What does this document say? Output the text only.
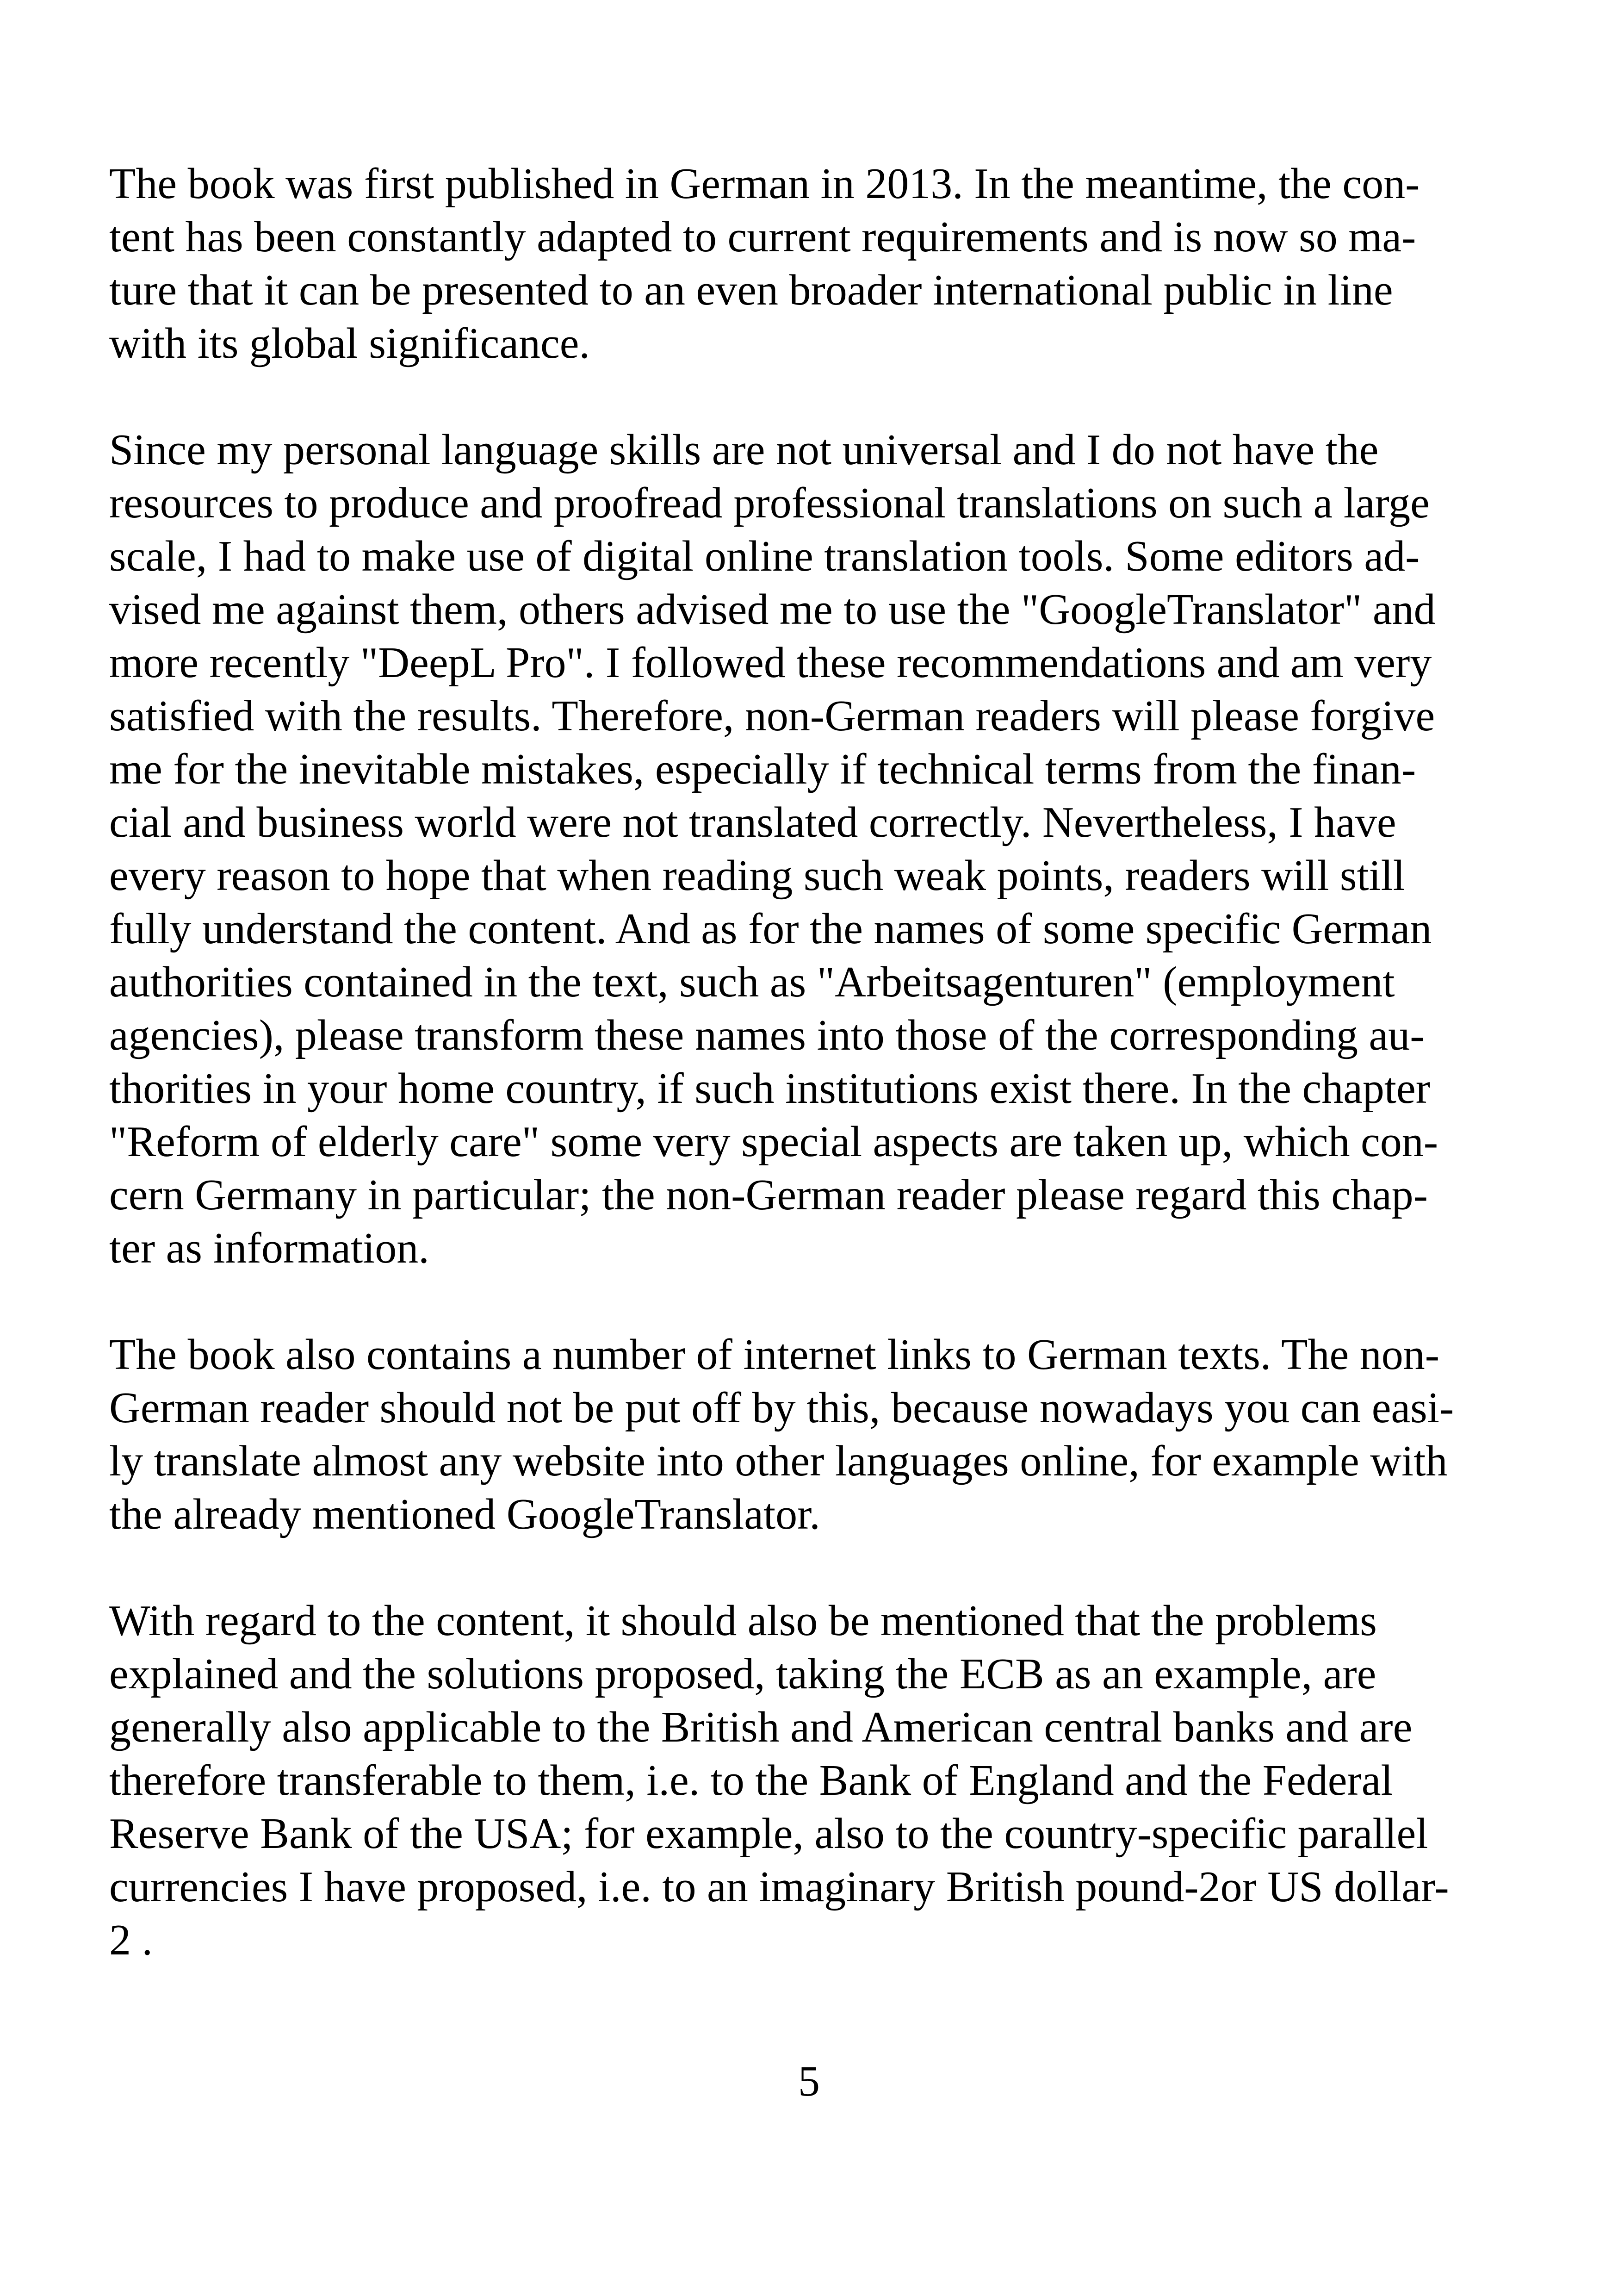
The book was first published in German in 2013. In the meantime, the con-
tent has been constantly adapted to current requirements and is now so ma-
ture that it can be presented to an even broader international public in line
with its global significance.

Since my personal language skills are not universal and I do not have the
resources to produce and proofread professional translations on such a large
scale, I had to make use of digital online translation tools. Some editors ad-
vised me against them, others advised me to use the "GoogleTranslator" and
more recently "DeepL Pro". I followed these recommendations and am very
satisfied with the results. Therefore, non-German readers will please forgive
me for the inevitable mistakes, especially if technical terms from the finan-
cial and business world were not translated correctly. Nevertheless, I have
every reason to hope that when reading such weak points, readers will still
fully understand the content. And as for the names of some specific German
authorities contained in the text, such as "Arbeitsagenturen" (employment
agencies), please transform these names into those of the corresponding au-
thorities in your home country, if such institutions exist there. In the chapter
"Reform of elderly care" some very special aspects are taken up, which con-
cern Germany in particular; the non-German reader please regard this chap-
ter as information.

The book also contains a number of internet links to German texts. The non-
German reader should not be put off by this, because nowadays you can easi-
ly translate almost any website into other languages online, for example with
the already mentioned GoogleTranslator.

With regard to the content, it should also be mentioned that the problems
explained and the solutions proposed, taking the ECB as an example, are
generally also applicable to the British and American central banks and are
therefore transferable to them, i.e. to the Bank of England and the Federal
Reserve Bank of the USA; for example, also to the country-specific parallel
currencies I have proposed, i.e. to an imaginary British pound-2or US dollar-
2 .

5
